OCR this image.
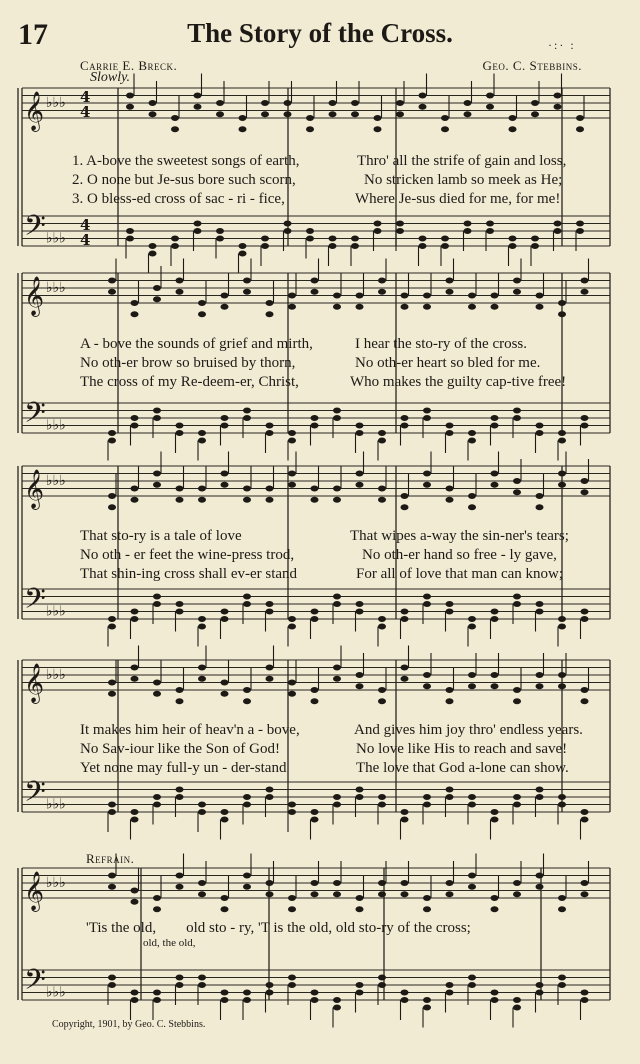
17	The Story of the Cross.	·:· :
Carrie E. Breck.	Geo. C. Stebbins.
Slowly.
𝄞
𝄢
♭♭♭
♭♭♭
4
4
4
4
𝄞
𝄢
♭♭♭
♭♭♭
𝄞
𝄢
♭♭♭
♭♭♭
𝄞
𝄢
♭♭♭
♭♭♭
𝄞
𝄢
♭♭♭
♭♭♭
1. A-bove the sweetest songs of earth,
2. O none but Je-sus bore such scorn,
3. O bless-ed cross of sac - ri - fice,
Thro' all the strife of gain and loss,
No stricken lamb so meek as He;
Where Je-sus died for me, for me!
A - bove the sounds of grief and mirth,
No oth-er brow so bruised by thorn,
The cross of my Re-deem-er, Christ,
I hear the sto-ry of the cross.
No oth-er heart so bled for me.
Who makes the guilty cap-tive free!
That sto-ry is a tale of love
No oth - er feet the wine-press trod,
That shin-ing cross shall ev-er stand
That wipes a-way the sin-ner's tears;
No oth-er hand so free - ly gave,
For all of love that man can know;
It makes him heir of heav'n a - bove,
No Sav-iour like the Son of God!
Yet none may full-y un - der-stand
And gives him joy thro' endless years.
No love like His to reach and save!
The love that God a-lone can show.
Refrain.
'Tis the old,        old sto - ry, 'T is the old, old sto-ry of the cross;
old, the old,
Copyright, 1901, by Geo. C. Stebbins.
